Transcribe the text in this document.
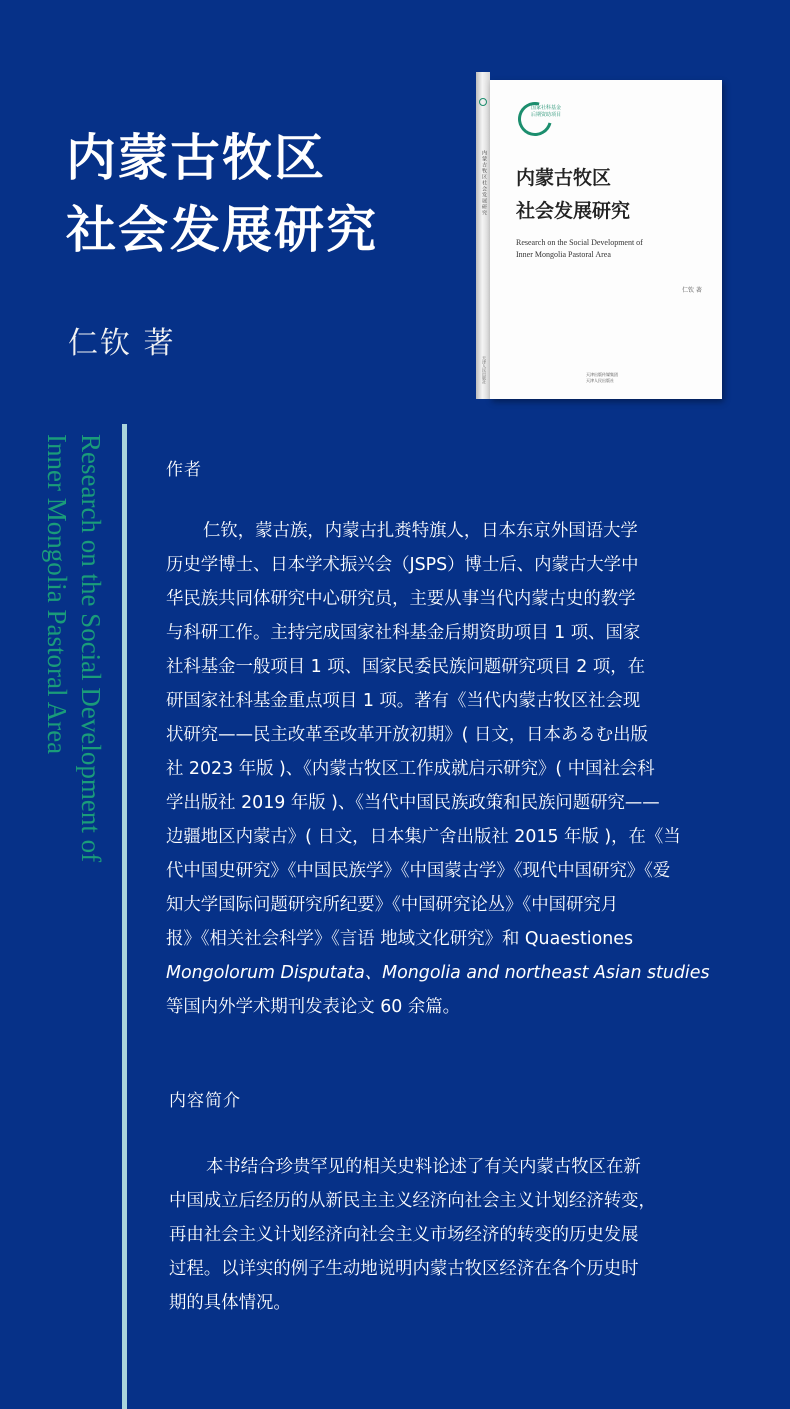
内蒙古牧区
社会发展研究
仁钦 著
内蒙古牧区社会发展研究
天津人民出版社
国家社科基金
后期资助项目
内蒙古牧区
社会发展研究
Research on the Social Development of
Inner Mongolia Pastoral Area
仁钦 著
天津出版传媒集团
天津人民出版社
Research on the Social Development of
Inner Mongolia Pastoral Area	作者
仁钦，蒙古族，内蒙古扎赉特旗人，日本东京外国语大学
历史学博士、日本学术振兴会（JSPS）博士后、内蒙古大学中
华民族共同体研究中心研究员，主要从事当代内蒙古史的教学
与科研工作。主持完成国家社科基金后期资助项目 1 项、国家
社科基金一般项目 1 项、国家民委民族问题研究项目 2 项，在
研国家社科基金重点项目 1 项。著有《当代内蒙古牧区社会现
状研究——民主改革至改革开放初期》( 日文，日本あるむ出版
社 2023 年版 )、《内蒙古牧区工作成就启示研究》( 中国社会科
学出版社 2019 年版 )、《当代中国民族政策和民族问题研究——
边疆地区内蒙古》( 日文，日本集广舍出版社 2015 年版 )，在《当
代中国史研究》《中国民族学》《中国蒙古学》《现代中国研究》《爱
知大学国际问题研究所纪要》《中国研究论丛》《中国研究月
报》《相关社会科学》《言语 地域文化研究》和 Quaestiones
Mongolorum Disputata、Mongolia and northeast Asian studies
等国内外学术期刊发表论文 60 余篇。
内容简介
本书结合珍贵罕见的相关史料论述了有关内蒙古牧区在新
中国成立后经历的从新民主主义经济向社会主义计划经济转变，
再由社会主义计划经济向社会主义市场经济的转变的历史发展
过程。以详实的例子生动地说明内蒙古牧区经济在各个历史时
期的具体情况。
